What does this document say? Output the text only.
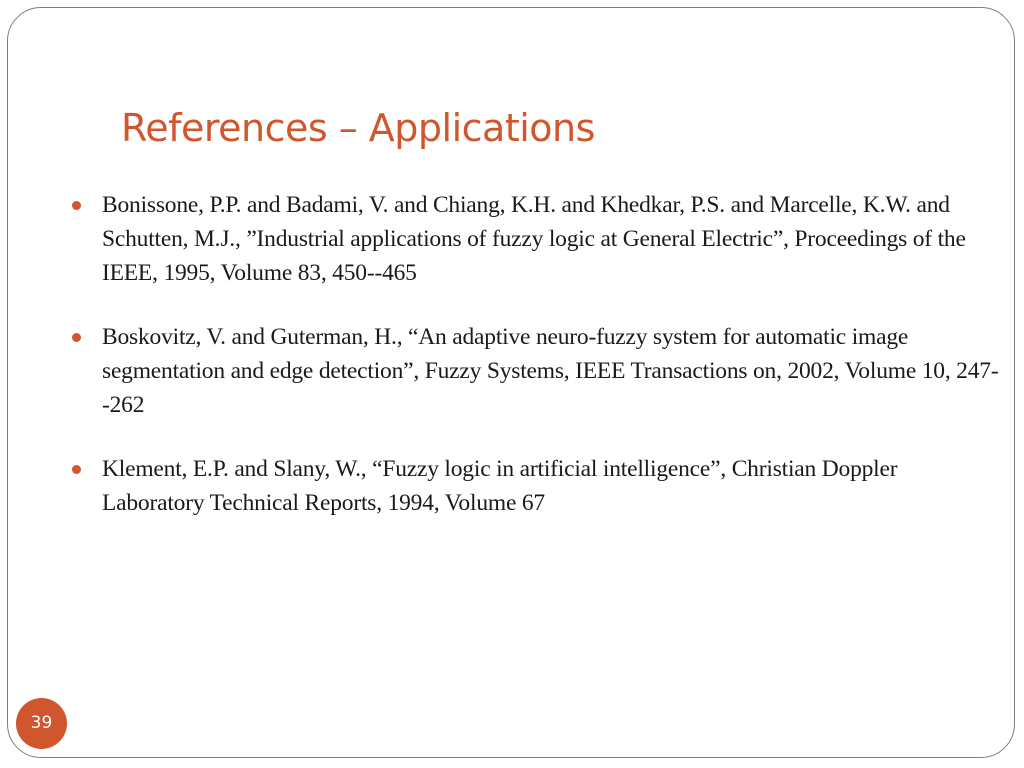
References – Applications
Bonissone, P.P. and Badami, V. and Chiang, K.H. and Khedkar, P.S. and Marcelle, K.W. and Schutten, M.J., ”Industrial applications of fuzzy logic at General Electric”, Proceedings of the IEEE, 1995, Volume 83, 450--465
Boskovitz, V. and Guterman, H., “An adaptive neuro-fuzzy system for automatic image segmentation and edge detection”, Fuzzy Systems, IEEE Transactions on, 2002, Volume 10, 247--262
Klement, E.P. and Slany, W., “Fuzzy logic in artificial intelligence”, Christian Doppler Laboratory Technical Reports, 1994, Volume 67
39
